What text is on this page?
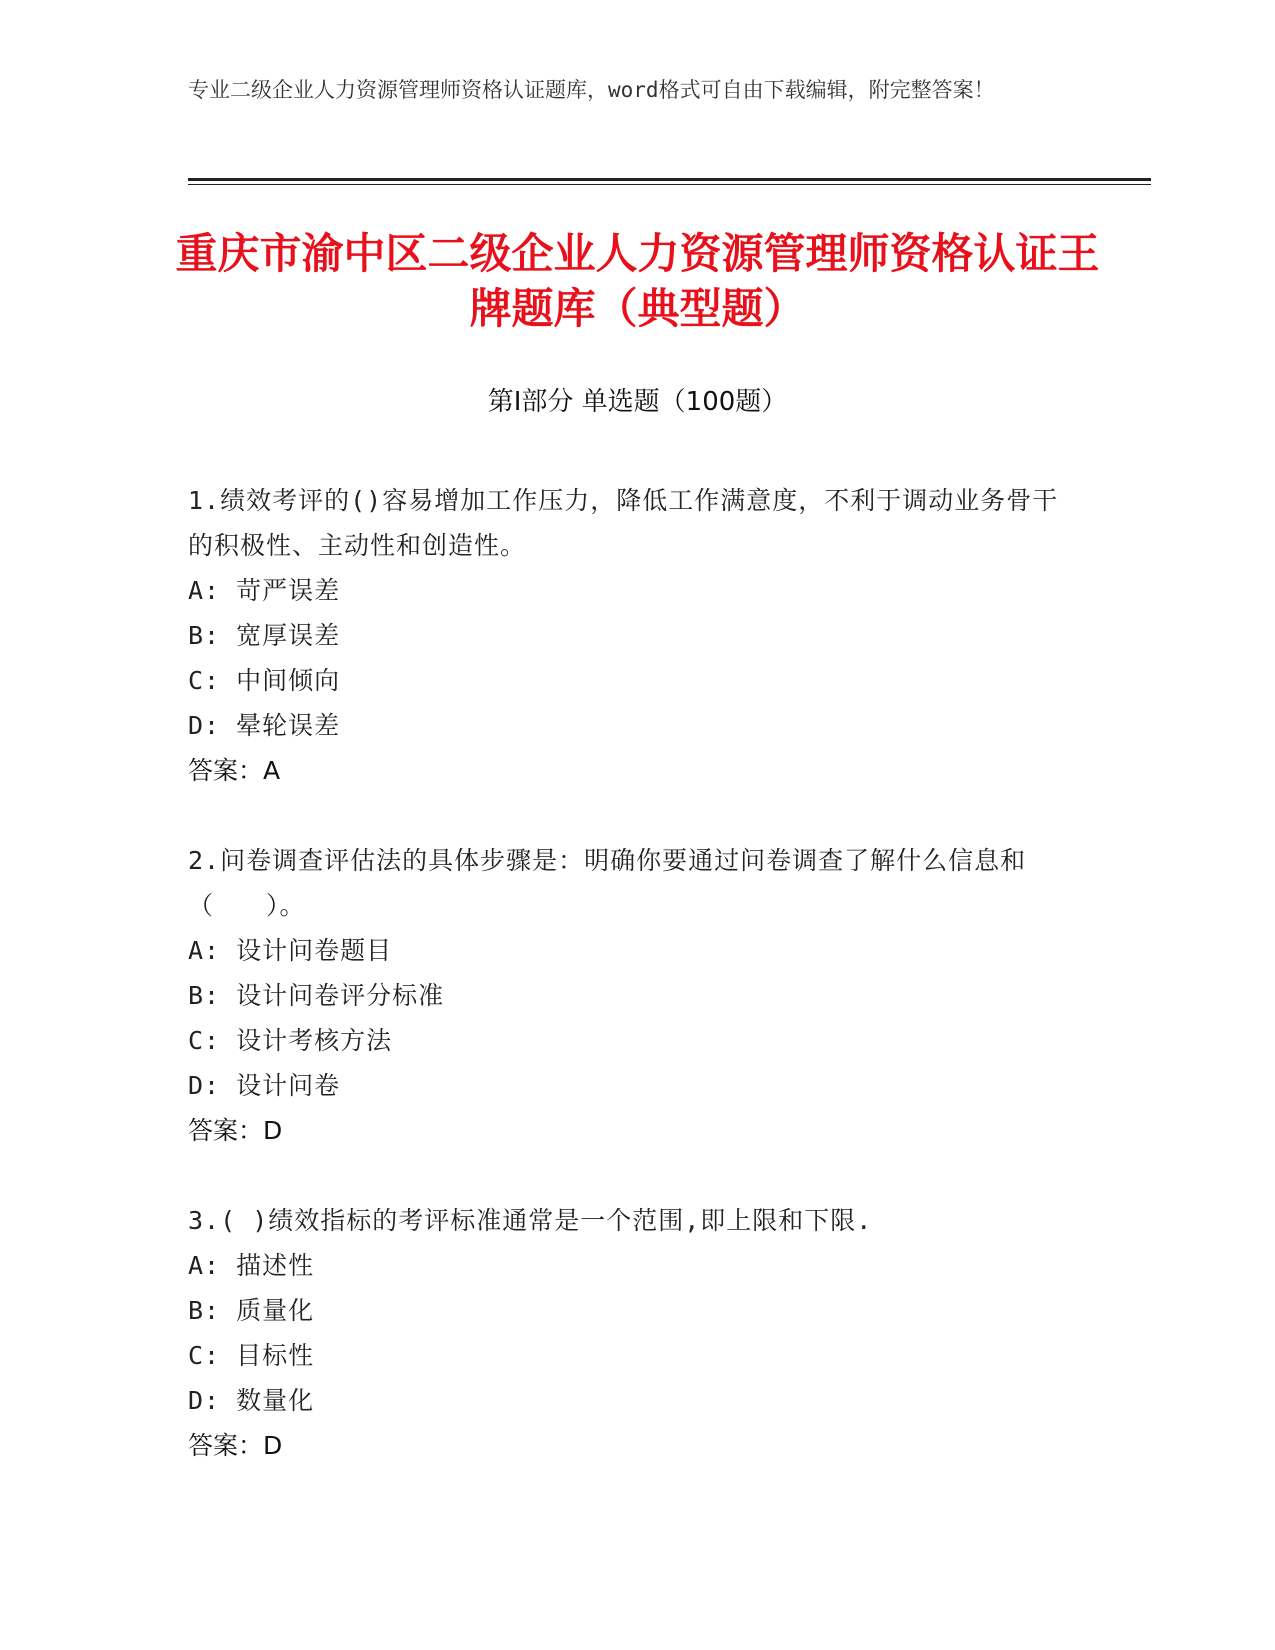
专业二级企业人力资源管理师资格认证题库，word格式可自由下载编辑，附完整答案！
重庆市渝中区二级企业人力资源管理师资格认证王牌题库（典型题）
第I部分 单选题（100题）
1.绩效考评的()容易增加工作压力，降低工作满意度，不利于调动业务骨干的积极性、主动性和创造性。
A: 苛严误差
B: 宽厚误差
C: 中间倾向
D: 晕轮误差
答案：A
2.问卷调查评估法的具体步骤是：明确你要通过问卷调查了解什么信息和（　　）。
A: 设计问卷题目
B: 设计问卷评分标准
C: 设计考核方法
D: 设计问卷
答案：D
3.( )绩效指标的考评标准通常是一个范围,即上限和下限.
A: 描述性
B: 质量化
C: 目标性
D: 数量化
答案：D
